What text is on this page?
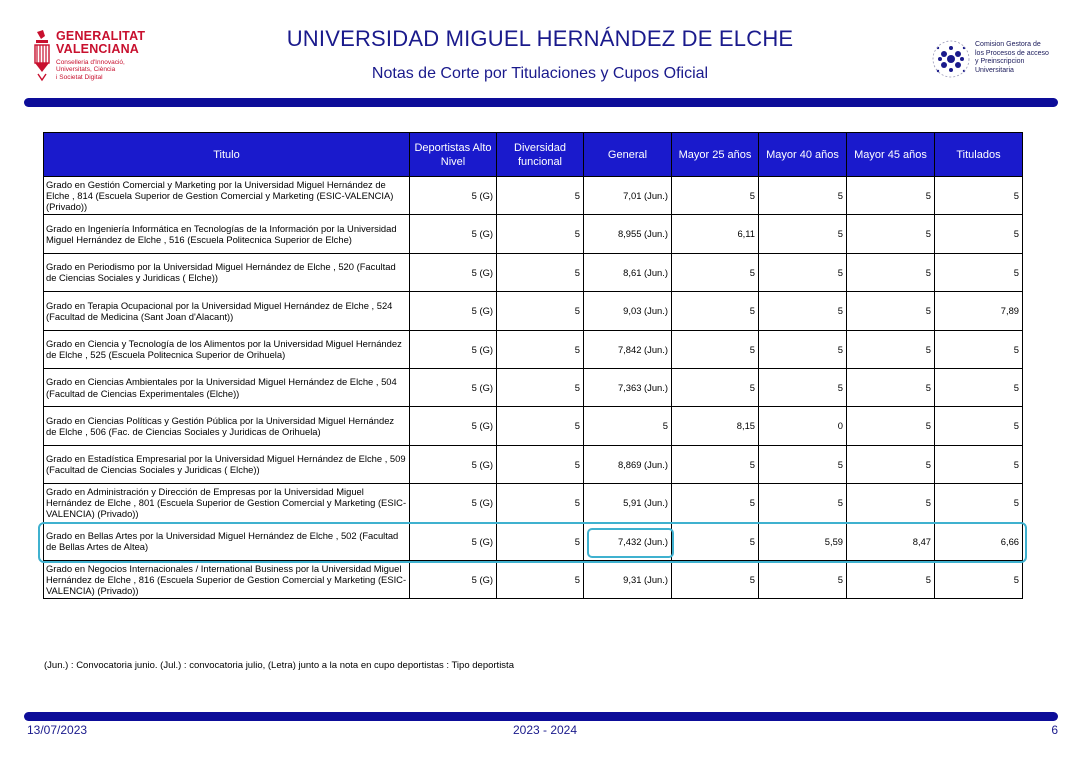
GENERALITAT
VALENCIANA
Conselleria d'Innovació,
Universitats, Ciència
i Societat Digital
UNIVERSIDAD MIGUEL HERNÁNDEZ DE ELCHE
Notas de Corte por Titulaciones y Cupos Oficial
Comision Gestora de
los Procesos de acceso
y Preinscripcion
Universitaria
Titulo	Deportistas Alto Nivel	Diversidad funcional	General	Mayor 25 años	Mayor 40 años	Mayor 45 años	Titulados
Grado en Gestión Comercial y Marketing por la Universidad Miguel Hernández de Elche , 814 (Escuela Superior de Gestion Comercial y Marketing (ESIC-VALENCIA) (Privado))	5 (G)	5	7,01 (Jun.)	5	5	5	5
Grado en Ingeniería Informática en Tecnologías de la Información por la Universidad Miguel Hernández de Elche , 516 (Escuela Politecnica Superior de Elche)	5 (G)	5	8,955 (Jun.)	6,11	5	5	5
Grado en Periodismo por la Universidad Miguel Hernández de Elche , 520 (Facultad de Ciencias Sociales y Juridicas ( Elche))	5 (G)	5	8,61 (Jun.)	5	5	5	5
Grado en Terapia Ocupacional por la Universidad Miguel Hernández de Elche , 524 (Facultad de Medicina (Sant Joan d'Alacant))	5 (G)	5	9,03 (Jun.)	5	5	5	7,89
Grado en Ciencia y Tecnología de los Alimentos por la Universidad Miguel Hernández de Elche , 525 (Escuela Politecnica Superior de Orihuela)	5 (G)	5	7,842 (Jun.)	5	5	5	5
Grado en Ciencias Ambientales por la Universidad Miguel Hernández de Elche , 504 (Facultad de Ciencias Experimentales (Elche))	5 (G)	5	7,363 (Jun.)	5	5	5	5
Grado en Ciencias Políticas y Gestión Pública por la Universidad Miguel Hernández de Elche , 506 (Fac. de Ciencias Sociales y Juridicas de Orihuela)	5 (G)	5	5	8,15	0	5	5
Grado en Estadística Empresarial por la Universidad Miguel Hernández de Elche , 509 (Facultad de Ciencias Sociales y Juridicas ( Elche))	5 (G)	5	8,869 (Jun.)	5	5	5	5
Grado en Administración y Dirección de Empresas por la Universidad Miguel Hernández de Elche , 801 (Escuela Superior de Gestion Comercial y Marketing (ESIC-VALENCIA) (Privado))	5 (G)	5	5,91 (Jun.)	5	5	5	5
Grado en Bellas Artes por la Universidad Miguel Hernández de Elche , 502 (Facultad de Bellas Artes de Altea)	5 (G)	5	7,432 (Jun.)	5	5,59	8,47	6,66
Grado en Negocios Internacionales / International Business por la Universidad Miguel Hernández de Elche , 816 (Escuela Superior de Gestion Comercial y Marketing (ESIC-VALENCIA) (Privado))	5 (G)	5	9,31 (Jun.)	5	5	5	5
(Jun.) : Convocatoria junio. (Jul.) : convocatoria julio, (Letra) junto a la nota en cupo deportistas : Tipo deportista
13/07/2023	2023 - 2024	6
